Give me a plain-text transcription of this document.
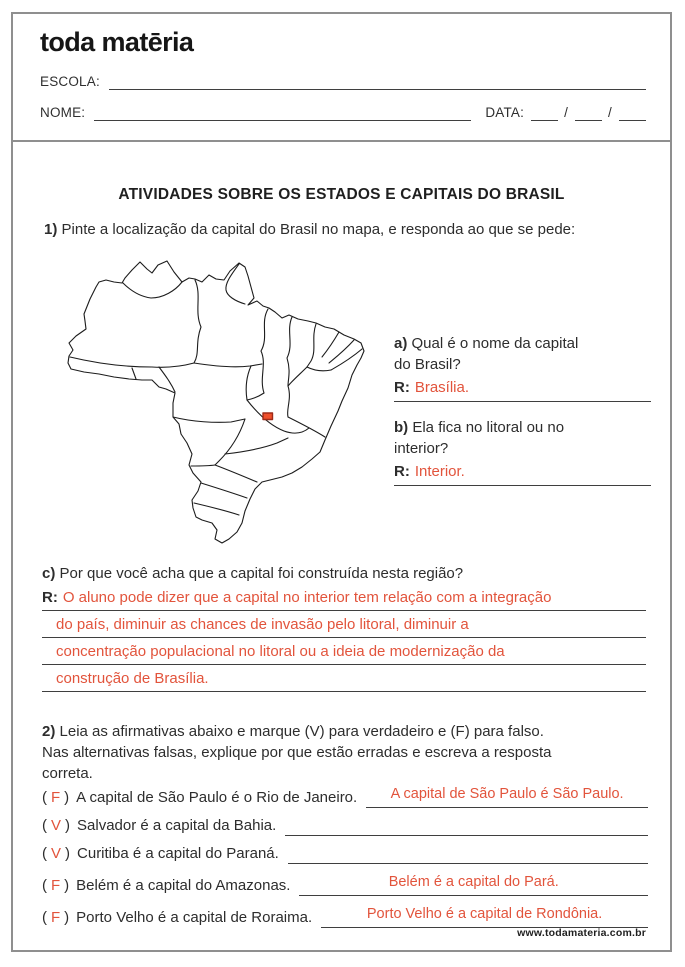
toda matēria
ESCOLA:
NOME:	DATA:	/	/
ATIVIDADES SOBRE OS ESTADOS E CAPITAIS DO BRASIL

1) Pinte a localização da capital do Brasil no mapa, e responda ao que se pede:

a) Qual é o nome da capital
do Brasil?
R: Brasília.
b) Ela fica no litoral ou no
interior?
R: Interior.
c) Por que você acha que a capital foi construída nesta região?
R: O aluno pode dizer que a capital no interior tem relação com a integração
do país, diminuir as chances de invasão pelo litoral, diminuir a
concentração populacional no litoral ou a ideia de modernização da
construção de Brasília.
2) Leia as afirmativas abaixo e marque (V) para verdadeiro e (F) para falso.
Nas alternativas falsas, explique por que estão erradas e escreva a resposta
correta.
( F ) A capital de São Paulo é o Rio de Janeiro.	A capital de São Paulo é São Paulo.
( V ) Salvador é a capital da Bahia.
( V ) Curitiba é a capital do Paraná.
( F ) Belém é a capital do Amazonas.	Belém é a capital do Pará.
( F ) Porto Velho é a capital de Roraima.	Porto Velho é a capital de Rondônia.
www.todamateria.com.br
